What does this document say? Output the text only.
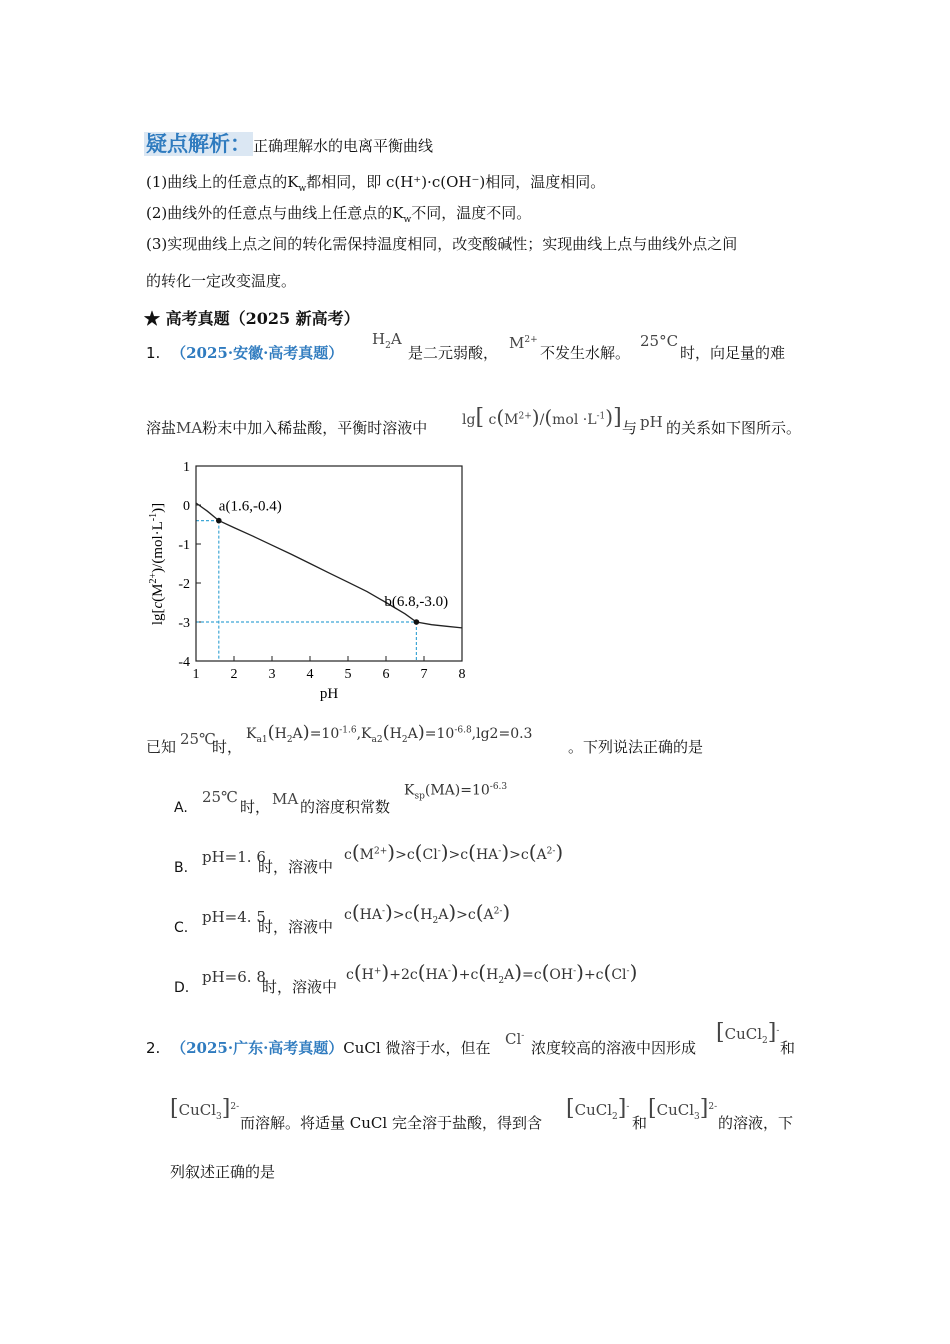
疑点解析： 正确理解水的电离平衡曲线
(1)曲线上的任意点的$K_w$都相同，即 c(H⁺)·c(OH⁻)相同，温度相同。
(2)曲线外的任意点与曲线上任意点的$K_w$不同，温度不同。
(3)实现曲线上点之间的转化需保持温度相同，改变酸碱性；实现曲线上点与曲线外点之间
的转化一定改变温度。
★ 高考真题（2025 新高考）
1. （2025·安徽·高考真题）
$H_2A$
是二元弱酸，
$M^{2+}$
不发生水解。
25°C
时，向足量的难
溶盐MA粉末中加入稀盐酸，平衡时溶液中 lg[ $c(M^{2+})/(mol \cdot L^{-1})$] 与 pH 的关系如下图所示。
1 2 3 4 5 6 7 8
1
0
-1
-2
-3
-4
a(1.6,-0.4)
b(6.8,-3.0)
pH
$\lg[c(M^{2+})/(mol\cdot L^{-1})]$
已知 25℃
时，
$K_{a1}(H_2A)=10^{-1.6},K_{a2}(H_2A)=10^{-6.8},\lg 2=0.3$
。下列说法正确的是
A.
25℃
时， MA 的溶度积常数
$K_{sp}(MA)=10^{-6.3}$
B.
pH=1. 6
时，溶液中
$c(M^{2+})>c(Cl^-)>c(HA^-)>c(A^{2-})$
C.
pH=4. 5
时，溶液中
$c(HA^-)>c(H_2A)>c(A^{2-})$
D.
pH=6. 8
时，溶液中
$c(H^+)+2c(HA^-)+c(H_2A)=c(OH^-)+c(Cl^-)$
2. （2025·广东·高考真题）CuCl 微溶于水，但在 Cl-
浓度较高的溶液中因形成
[CuCl$_2$]-
和
[CuCl$_3$]$^{2-}$
而溶解。将适量 CuCl 完全溶于盐酸，得到含
[CuCl$_2$]-
和
[CuCl$_3$]$^{2-}$
的溶液，下
列叙述正确的是
